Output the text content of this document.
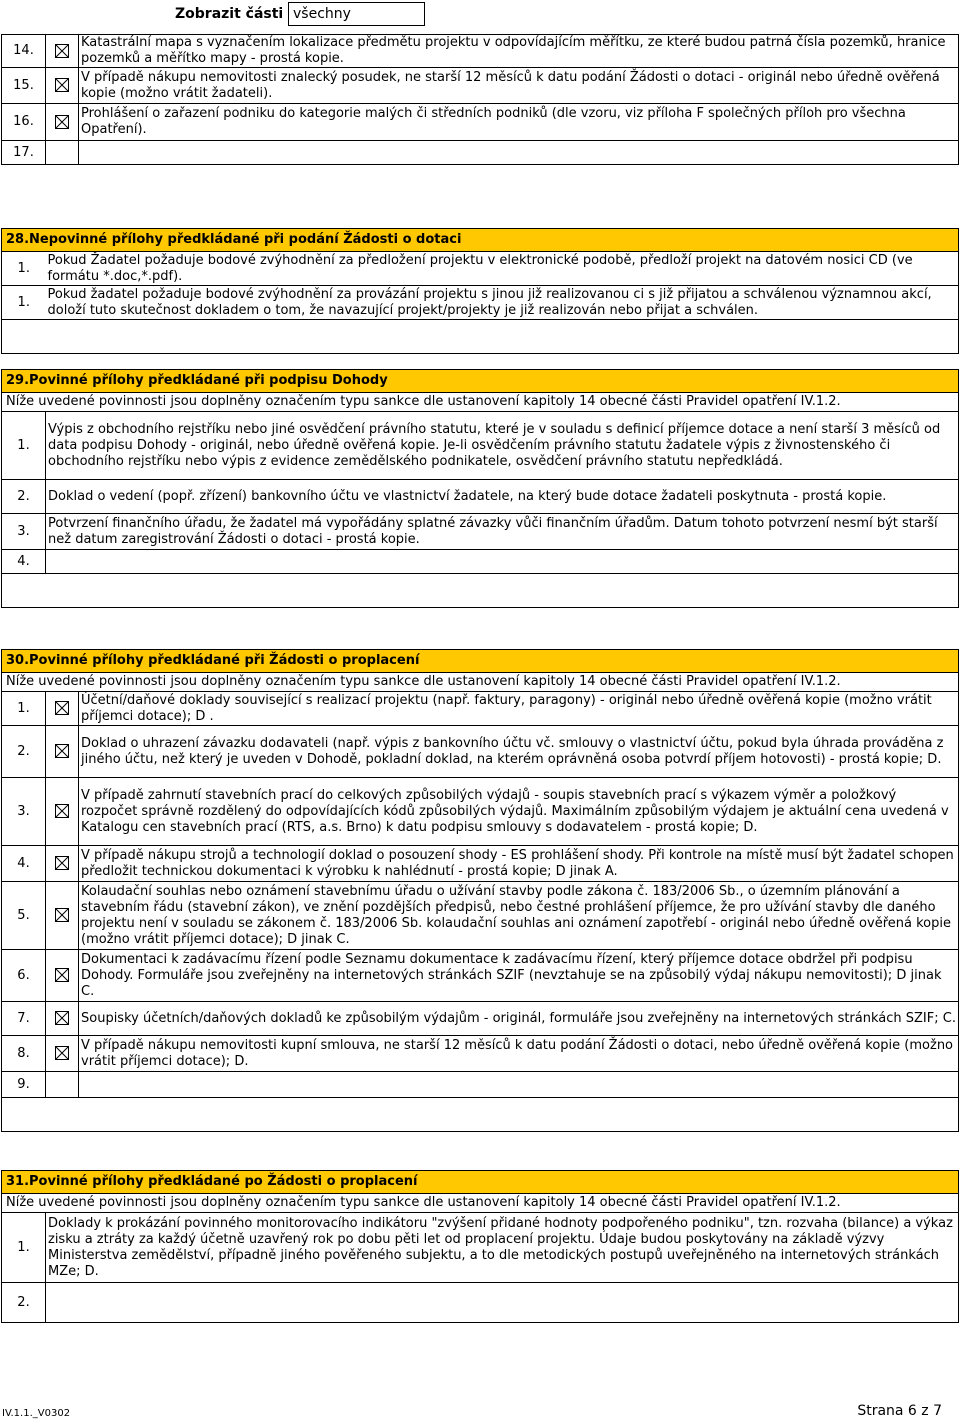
Zobrazit části všechny
14.		Katastrální mapa s vyznačením lokalizace předmětu projektu v odpovídajícím měřítku, ze které budou patrná čísla pozemků, hranice pozemků a měřítko mapy - prostá kopie.
15.		V případě nákupu nemovitosti znalecký posudek, ne starší 12 měsíců k datu podání Žádosti o dotaci - originál nebo úředně ověřená kopie (možno vrátit žadateli).
16.		Prohlášení o zařazení podniku do kategorie malých či středních podniků (dle vzoru, viz příloha F společných příloh pro všechna Opatření).
17.		
28.Nepovinné přílohy předkládané při podání Žádosti o dotaci	
1.	Pokud Žadatel požaduje bodové zvýhodnění za předložení projektu v elektronické podobě, předloží projekt na datovém nosici CD (ve formátu *.doc,*.pdf).
1.	Pokud žadatel požaduje bodové zvýhodnění za provázání projektu s jinou již realizovanou ci s již přijatou a schválenou významnou akcí, doloží tuto skutečnost dokladem o tom, že navazující projekt/projekty je již realizován nebo přijat a schválen.

29.Povinné přílohy předkládané při podpisu Dohody	
Níže uvedené povinnosti jsou doplněny označením typu sankce dle ustanovení kapitoly 14 obecné části Pravidel opatření IV.1.2.	
1.	Výpis z obchodního rejstříku nebo jiné osvědčení právního statutu, které je v souladu s definicí příjemce dotace a není starší 3 měsíců od data podpisu Dohody - originál, nebo úředně ověřená kopie. Je-li osvědčením právního statutu žadatele výpis z živnostenského či obchodního rejstříku nebo výpis z evidence zemědělského podnikatele, osvědčení právního statutu nepředkládá.
2.	Doklad o vedení (popř. zřízení) bankovního účtu ve vlastnictví žadatele, na který bude dotace žadateli poskytnuta - prostá kopie.
3.	Potvrzení finančního úřadu, že žadatel má vypořádány splatné závazky vůči finančním úřadům. Datum tohoto potvrzení nesmí být starší než datum zaregistrování Žádosti o dotaci - prostá kopie.
4.	

30.Povinné přílohy předkládané při Žádosti o proplacení		
Níže uvedené povinnosti jsou doplněny označením typu sankce dle ustanovení kapitoly 14 obecné části Pravidel opatření IV.1.2.		
1.		Účetní/daňové doklady související s realizací projektu (např. faktury, paragony) - originál nebo úředně ověřená kopie (možno vrátit příjemci dotace); D .
2.		Doklad o uhrazení závazku dodavateli (např. výpis z bankovního účtu vč. smlouvy o vlastnictví účtu, pokud byla úhrada prováděna z jiného účtu, než který je uveden v Dohodě, pokladní doklad, na kterém oprávněná osoba potvrdí příjem hotovosti) - prostá kopie; D.
3.		V případě zahrnutí stavebních prací do celkových způsobilých výdajů - soupis stavebních prací s výkazem výměr a položkový rozpočet správně rozdělený do odpovídajících kódů způsobilých výdajů. Maximálním způsobilým výdajem je aktuální cena uvedená v Katalogu cen stavebních prací (RTS, a.s. Brno) k datu podpisu smlouvy s dodavatelem - prostá kopie; D.
4.		V případě nákupu strojů a technologií doklad o posouzení shody - ES prohlášení shody. Při kontrole na místě musí být žadatel schopen předložit technickou dokumentaci k výrobku k nahlédnutí - prostá kopie; D jinak A.
5.		Kolaudační souhlas nebo oznámení stavebnímu úřadu o užívání stavby podle zákona č. 183/2006 Sb., o územním plánování a stavebním řádu (stavební zákon), ve znění pozdějších předpisů, nebo čestné prohlášení příjemce, že pro užívání stavby dle daného projektu není v souladu se zákonem č. 183/2006 Sb. kolaudační souhlas ani oznámení zapotřebí - originál nebo úředně ověřená kopie (možno vrátit příjemci dotace); D jinak C.
6.		Dokumentaci k zadávacímu řízení podle Seznamu dokumentace k zadávacímu řízení, který příjemce dotace obdržel při podpisu Dohody. Formuláře jsou zveřejněny na internetových stránkách SZIF (nevztahuje se na způsobilý výdaj nákupu nemovitosti); D jinak C.
7.		Soupisky účetních/daňových dokladů ke způsobilým výdajům - originál, formuláře jsou zveřejněny na internetových stránkách SZIF; C.
8.		V případě nákupu nemovitosti kupní smlouva, ne starší 12 měsíců k datu podání Žádosti o dotaci, nebo úředně ověřená kopie (možno vrátit příjemci dotace); D.
9.		

31.Povinné přílohy předkládané po Žádosti o proplacení	
Níže uvedené povinnosti jsou doplněny označením typu sankce dle ustanovení kapitoly 14 obecné části Pravidel opatření IV.1.2.	
1.	Doklady k prokázání povinného monitorovacího indikátoru "zvýšení přidané hodnoty podpořeného podniku", tzn. rozvaha (bilance) a výkaz zisku a ztráty za každý účetně uzavřený rok po dobu pěti let od proplacení projektu. Údaje budou poskytovány na základě výzvy Ministerstva zemědělství, případně jiného pověřeného subjektu, a to dle metodických postupů uveřejněného na internetových stránkách MZe; D.
2.	
IV.1.1._V0302	Strana 6 z 7
